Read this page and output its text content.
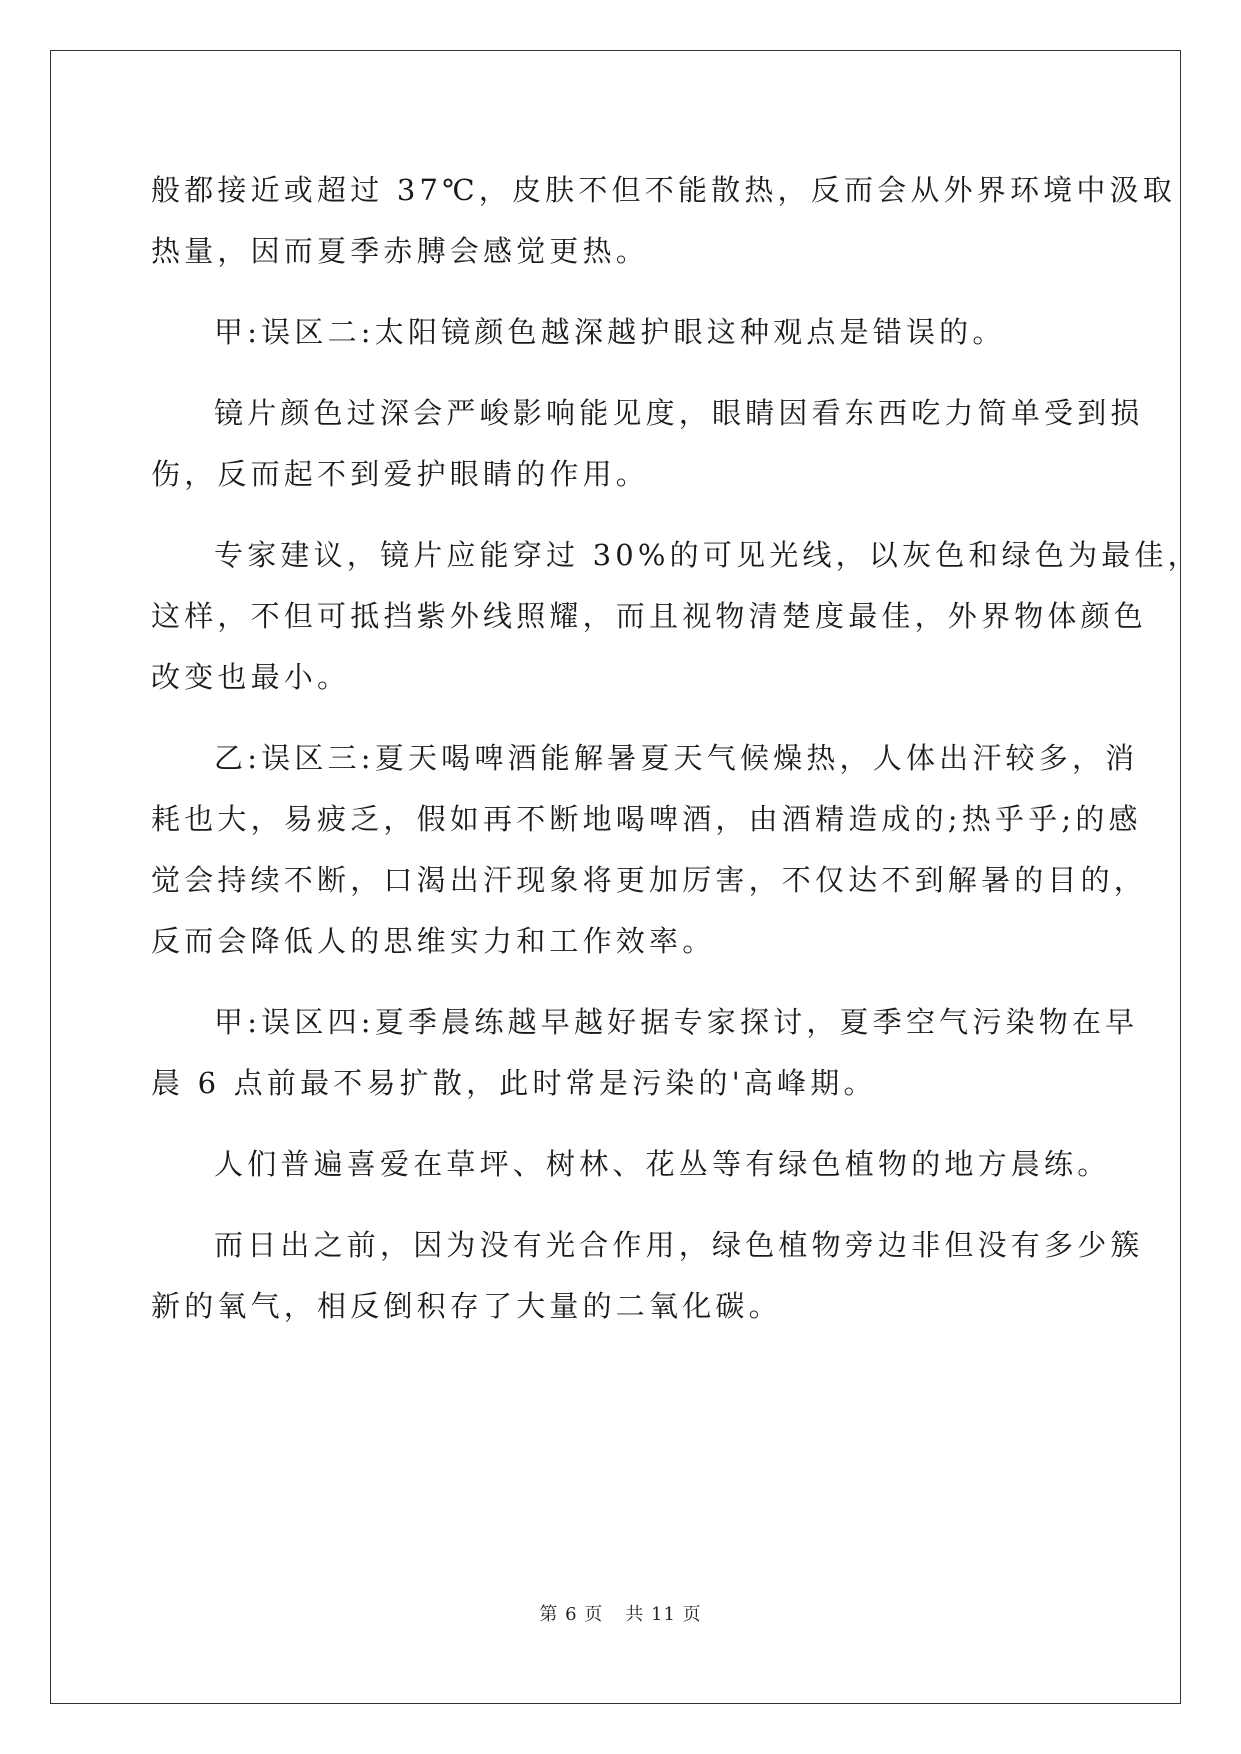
般都接近或超过 37℃，皮肤不但不能散热，反而会从外界环境中汲取
热量，因而夏季赤膊会感觉更热。

甲:误区二:太阳镜颜色越深越护眼这种观点是错误的。

镜片颜色过深会严峻影响能见度，眼睛因看东西吃力简单受到损
伤，反而起不到爱护眼睛的作用。

专家建议，镜片应能穿过 30%的可见光线，以灰色和绿色为最佳，
这样，不但可抵挡紫外线照耀，而且视物清楚度最佳，外界物体颜色
改变也最小。

乙:误区三:夏天喝啤酒能解暑夏天气候燥热，人体出汗较多，消
耗也大，易疲乏，假如再不断地喝啤酒，由酒精造成的;热乎乎;的感
觉会持续不断，口渴出汗现象将更加厉害，不仅达不到解暑的目的，
反而会降低人的思维实力和工作效率。

甲:误区四:夏季晨练越早越好据专家探讨，夏季空气污染物在早
晨 6 点前最不易扩散，此时常是污染的'高峰期。

人们普遍喜爱在草坪、树林、花丛等有绿色植物的地方晨练。

而日出之前，因为没有光合作用，绿色植物旁边非但没有多少簇
新的氧气，相反倒积存了大量的二氧化碳。

第 6 页 共 11 页
